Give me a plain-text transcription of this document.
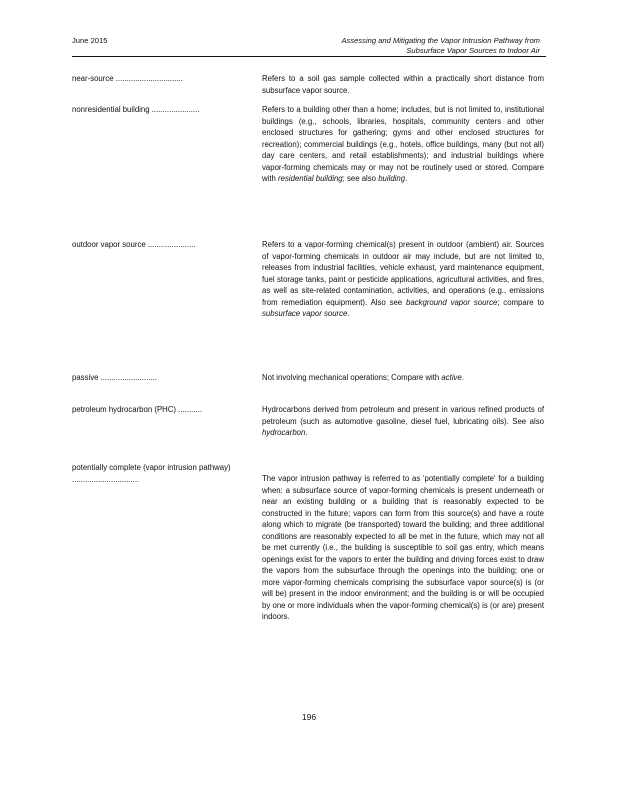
June 2015	Assessing and Mitigating the Vapor Intrusion Pathway from
Subsurface Vapor Sources to Indoor Air
near-source ...............................	Refers to a soil gas sample collected within a practically short distance from subsurface vapor source.
nonresidential building ......................	Refers to a building other than a home; includes, but is not limited to, institutional buildings (e.g., schools, libraries, hospitals, community centers and other enclosed structures for gathering; gyms and other enclosed structures for recreation); commercial buildings (e.g., hotels, office buildings, many (but not all) day care centers, and retail establishments); and industrial buildings where vapor-forming chemicals may or may not be routinely used or stored. Compare with residential building; see also building.
outdoor vapor source ......................	Refers to a vapor-forming chemical(s) present in outdoor (ambient) air. Sources of vapor-forming chemicals in outdoor air may include, but are not limited to, releases from industrial facilities, vehicle exhaust, yard maintenance equipment, fuel storage tanks, paint or pesticide applications, agricultural activities, and fires, as well as site-related contamination, activities, and operations (e.g., emissions from remediation equipment). Also see background vapor source; compare to subsurface vapor source.
passive ..........................	Not involving mechanical operations; Compare with active.
petroleum hydrocarbon (PHC) ...........	Hydrocarbons derived from petroleum and present in various refined products of petroleum (such as automotive gasoline, diesel fuel, lubricating oils). See also hydrocarbon.
potentially complete (vapor intrusion pathway) ...............................	The vapor intrusion pathway is referred to as 'potentially complete' for a building when: a subsurface source of vapor-forming chemicals is present underneath or near an existing building or a building that is reasonably expected to be constructed in the future; vapors can form from this source(s) and have a route along which to migrate (be transported) toward the building; and three additional conditions are reasonably expected to all be met in the future, which may not all be met currently (i.e., the building is susceptible to soil gas entry, which means openings exist for the vapors to enter the building and driving forces exist to draw the vapors from the subsurface through the openings into the building; one or more vapor-forming chemicals comprising the subsurface vapor source(s) is (or will be) present in the indoor environment; and the building is or will be occupied by one or more individuals when the vapor-forming chemical(s) is (or are) present indoors.
196
